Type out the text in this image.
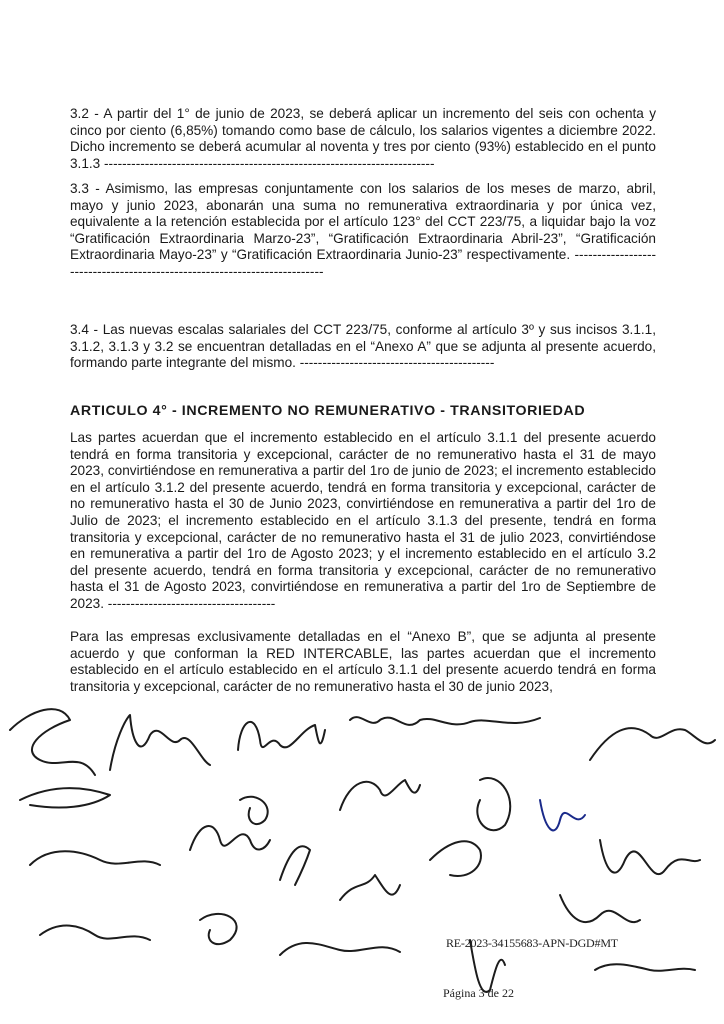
3.2 - A partir del 1° de junio de 2023, se deberá aplicar un incremento del seis con ochenta y cinco por ciento (6,85%) tomando como base de cálculo, los salarios vigentes a diciembre 2022. Dicho incremento se deberá acumular al noventa y tres por ciento (93%) establecido en el punto 3.1.3 -------------------------------------------------------------------------

3.3 - Asimismo, las empresas conjuntamente con los salarios de los meses de marzo, abril, mayo y junio 2023, abonarán una suma no remunerativa extraordinaria y por única vez, equivalente a la retención establecida por el artículo 123° del CCT 223/75, a liquidar bajo la voz “Gratificación Extraordinaria Marzo-23”, “Gratificación Extraordinaria Abril-23”, “Gratificación Extraordinaria Mayo-23” y “Gratificación Extraordinaria Junio-23” respectivamente. --------------------------------------------------------------------------

3.4 - Las nuevas escalas salariales del CCT 223/75, conforme al artículo 3º y sus incisos 3.1.1, 3.1.2, 3.1.3 y 3.2 se encuentran detalladas en el “Anexo A” que se adjunta al presente acuerdo, formando parte integrante del mismo. -------------------------------------------

ARTICULO 4° - INCREMENTO NO REMUNERATIVO - TRANSITORIEDAD

Las partes acuerdan que el incremento establecido en el artículo 3.1.1 del presente acuerdo tendrá en forma transitoria y excepcional, carácter de no remunerativo hasta el 31 de mayo 2023, convirtiéndose en remunerativa a partir del 1ro de junio de 2023; el incremento establecido en el artículo 3.1.2 del presente acuerdo, tendrá en forma transitoria y excepcional, carácter de no remunerativo hasta el 30 de Junio 2023, convirtiéndose en remunerativa a partir del 1ro de Julio de 2023; el incremento establecido en el artículo 3.1.3 del presente, tendrá en forma transitoria y excepcional, carácter de no remunerativo hasta el 31 de julio 2023, convirtiéndose en remunerativa a partir del 1ro de Agosto 2023; y el incremento establecido en el artículo 3.2 del presente acuerdo, tendrá en forma transitoria y excepcional, carácter de no remunerativo hasta el 31 de Agosto 2023, convirtiéndose en remunerativa a partir del 1ro de Septiembre de 2023. -------------------------------------

Para las empresas exclusivamente detalladas en el “Anexo B”, que se adjunta al presente acuerdo y que conforman la RED INTERCABLE, las partes acuerdan que el incremento establecido en el artículo establecido en el artículo 3.1.1 del presente acuerdo tendrá en forma transitoria y excepcional, carácter de no remunerativo hasta el 30 de junio 2023,

RE-2023-34155683-APN-DGD#MT
Página 3 de 22
